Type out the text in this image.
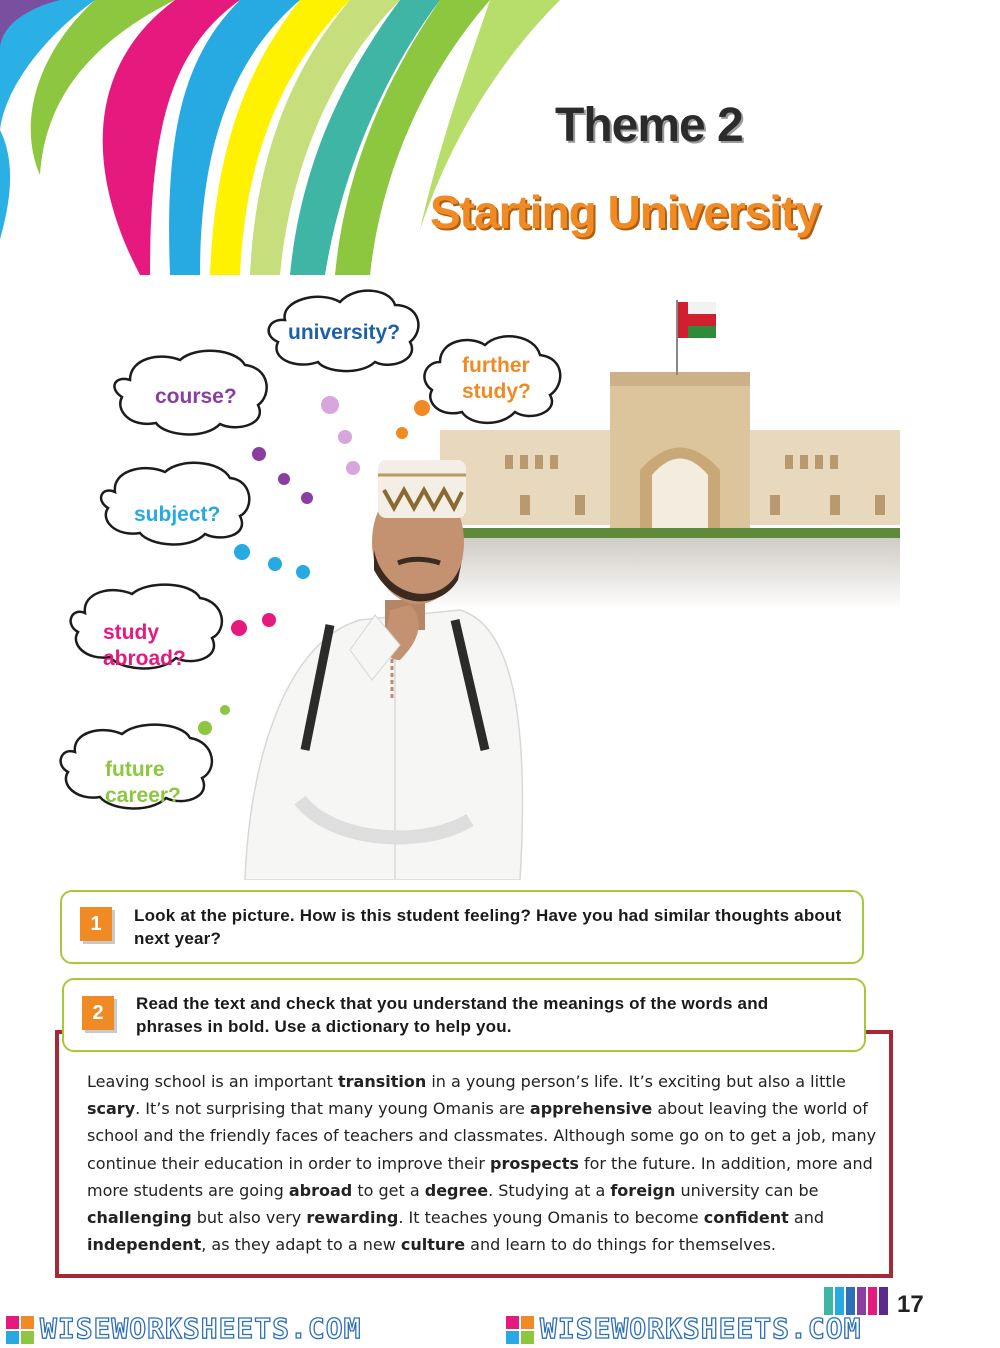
Theme 2
Starting University
university?
further
study?
course?
subject?
study
abroad?
future
career?
1	Look at the picture. How is this student feeling? Have you had similar thoughts about next year?
Leaving school is an important transition in a young person’s life. It’s exciting but also a little scary. It’s not surprising that many young Omanis are apprehensive about leaving the world of school and the friendly faces of teachers and classmates. Although some go on to get a job, many continue their education in order to improve their prospects for the future. In addition, more and more students are going abroad to get a degree. Studying at a foreign university can be challenging but also very rewarding. It teaches young Omanis to become confident and independent, as they adapt to a new culture and learn to do things for themselves.
2	Read the text and check that you understand the meanings of the words and phrases in bold. Use a dictionary to help you.
17
WISEWORKSHEETS.COM	WISEWORKSHEETS.COM
